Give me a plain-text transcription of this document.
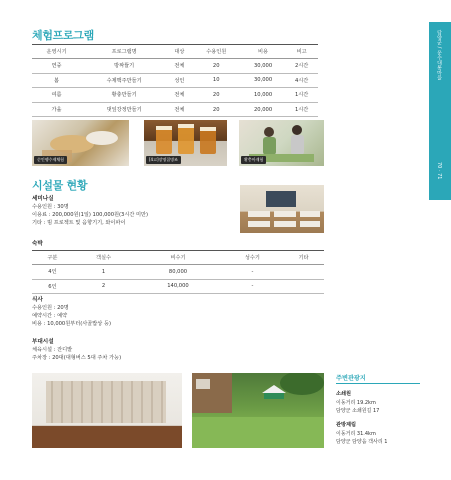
체험프로그램
운영시기	프로그램명	대상	수용인원	비용	비고
연중	방짜뜰기	전체	20	30,000	2시간
봄	수제맥주만들기	성인	10	30,000	4시간
여름	황충만들기	전체	20	10,000	1시간
가을	댓잎강정만들기	전체	20	20,000	1시간
순인쌩수제체험	[4고]장명집명조	황충아재험
시설물 현황
세미나실
수용인원 : 30명
이용료 : 200,000원(1일) 100,000원(3시간 미만)
기타 : 빔 프로젝트 및 음향기기, 와이파이
숙박
구분	객실수	비수기	성수기	기타
4인	1	80,000	-	
6인	2	140,000	-	
식사
수용인원 : 20명
예약시간 : 예약
비용 : 10,000원부터(사골밥상 등)
부대시설
체육시설 : 잔디밭
주차장 : 20대(대형버스 5대 주차 가능)
담양군 / 운수대통마을
70 · 71
주변관광지
소쇄원
이동거리 19.2km
담양군 소쇄원길 17
관방제림
이동거리 31.4km
담양군 담양읍 객사리 1
